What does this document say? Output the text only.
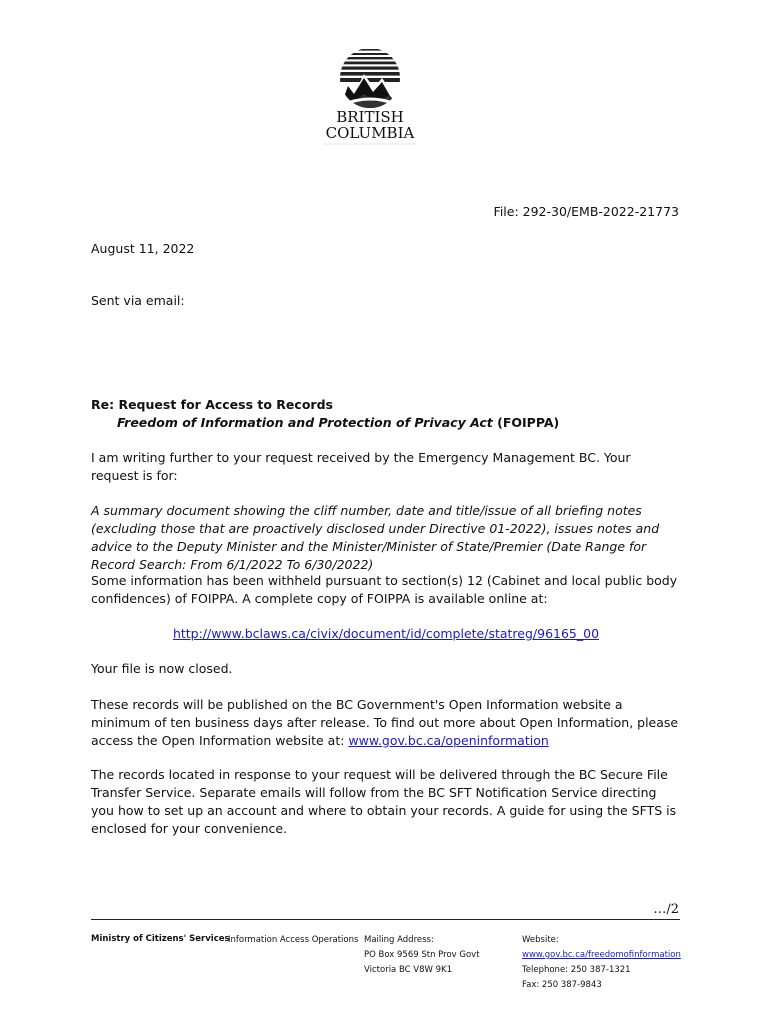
BRITISH
COLUMBIA
File: 292-30/EMB-2022-21773
August 11, 2022
Sent via email:
Re: Request for Access to Records
Freedom of Information and Protection of Privacy Act (FOIPPA)
I am writing further to your request received by the Emergency Management BC. Your request is for:
A summary document showing the cliff number, date and title/issue of all briefing notes (excluding those that are proactively disclosed under Directive 01-2022), issues notes and advice to the Deputy Minister and the Minister/Minister of State/Premier (Date Range for Record Search: From 6/1/2022 To 6/30/2022)
Some information has been withheld pursuant to section(s) 12 (Cabinet and local public body confidences) of FOIPPA. A complete copy of FOIPPA is available online at:
http://www.bclaws.ca/civix/document/id/complete/statreg/96165_00
Your file is now closed.
These records will be published on the BC Government's Open Information website a minimum of ten business days after release. To find out more about Open Information, please access the Open Information website at: www.gov.bc.ca/openinformation
The records located in response to your request will be delivered through the BC Secure File Transfer Service. Separate emails will follow from the BC SFT Notification Service directing you how to set up an account and where to obtain your records. A guide for using the SFTS is enclosed for your convenience.
…/2
Ministry of Citizens' Services
Information Access Operations Mailing Address:
PO Box 9569 Stn Prov Govt
Victoria BC V8W 9K1
Website:
www.gov.bc.ca/freedomofinformation
Telephone: 250 387-1321
Fax: 250 387-9843
